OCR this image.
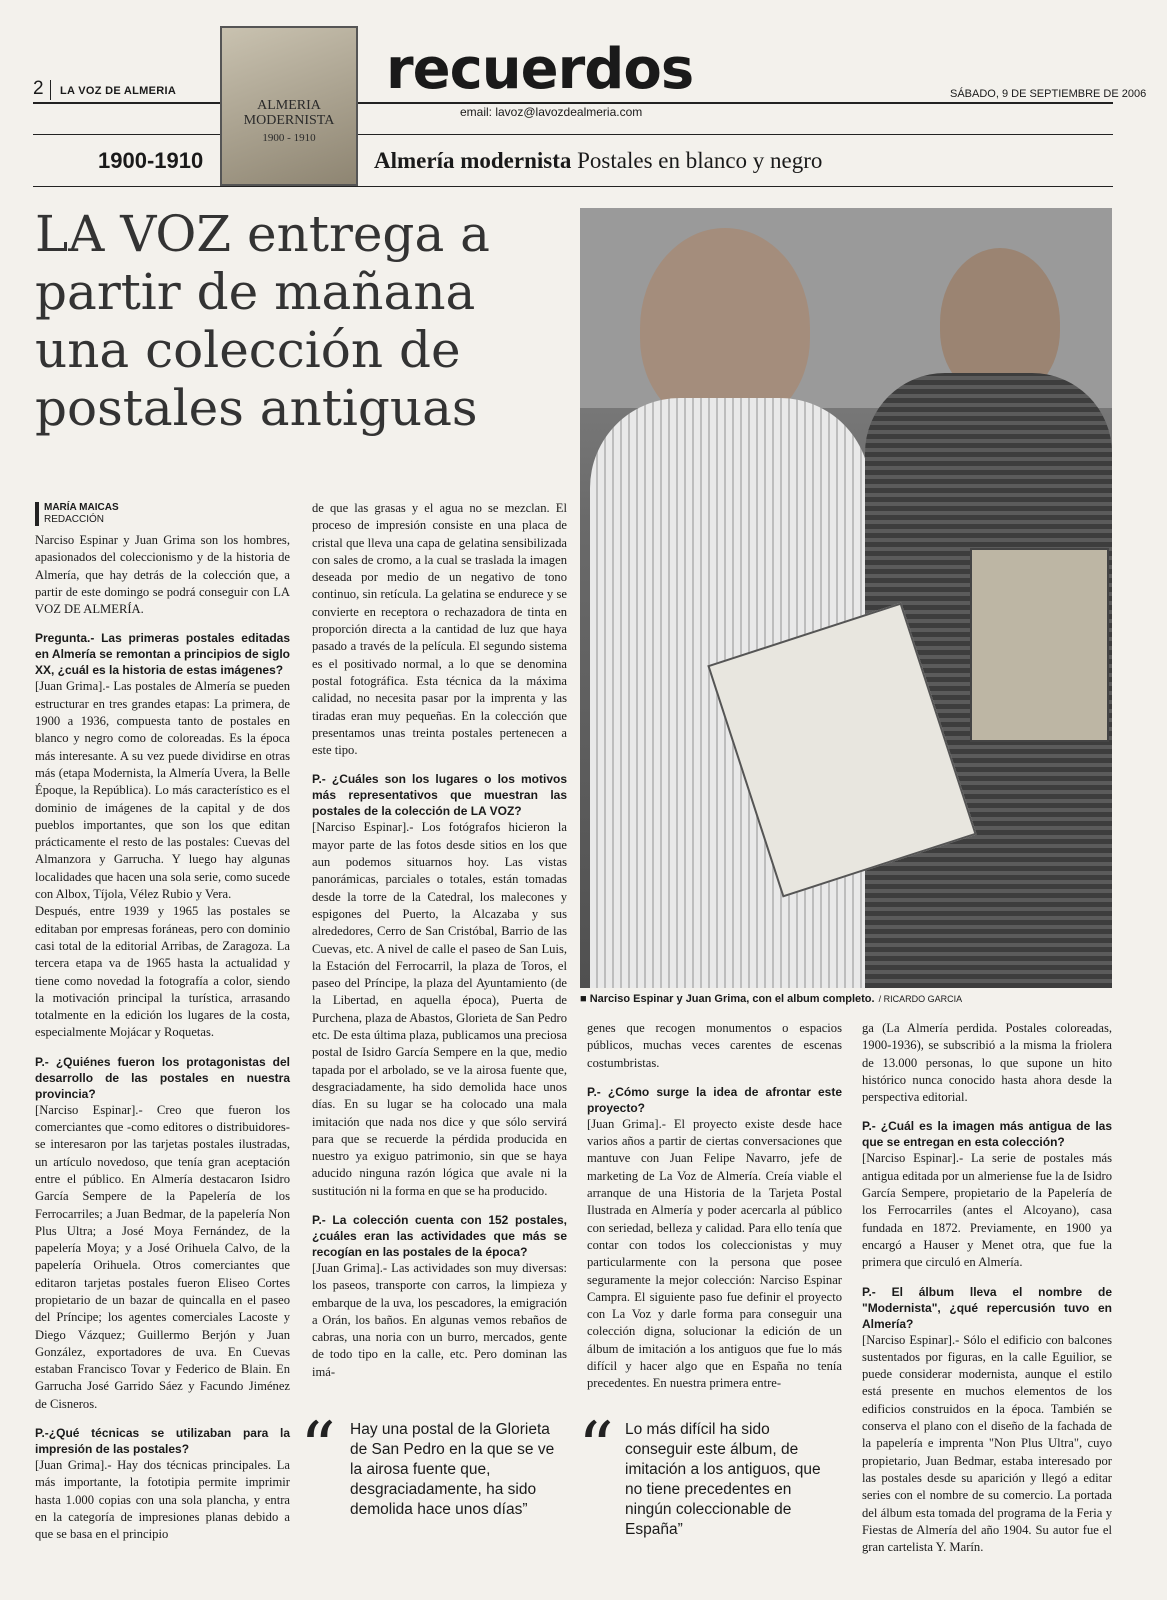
2 LA VOZ DE ALMERIA
ALMERIA MODERNISTA
1900 - 1910
recuerdos
email: lavoz@lavozdealmeria.com
SÁBADO, 9 DE SEPTIEMBRE DE 2006
1900-1910	Almería modernista Postales en blanco y negro
LA VOZ entrega a
partir de mañana
una colección de
postales antiguas
■ Narciso Espinar y Juan Grima, con el album completo. / RICARDO GARCIA
MARÍA MAICAS
REDACCIÓN

Narciso Espinar y Juan Grima son los hombres, apasionados del coleccionismo y de la historia de Almería, que hay detrás de la colección que, a partir de este domingo se podrá conseguir con LA VOZ DE ALMERÍA.

Pregunta.- Las primeras postales editadas en Almería se remontan a principios de siglo XX, ¿cuál es la historia de estas imágenes?

[Juan Grima].- Las postales de Almería se pueden estructurar en tres grandes etapas: La primera, de 1900 a 1936, compuesta tanto de postales en blanco y negro como de coloreadas. Es la época más interesante. A su vez puede dividirse en otras más (etapa Modernista, la Almería Uvera, la Belle Époque, la República). Lo más característico es el dominio de imágenes de la capital y de dos pueblos importantes, que son los que editan prácticamente el resto de las postales: Cuevas del Almanzora y Garrucha. Y luego hay algunas localidades que hacen una sola serie, como sucede con Albox, Tíjola, Vélez Rubio y Vera.

Después, entre 1939 y 1965 las postales se editaban por empresas foráneas, pero con dominio casi total de la editorial Arribas, de Zaragoza. La tercera etapa va de 1965 hasta la actualidad y tiene como novedad la fotografía a color, siendo la motivación principal la turística, arrasando totalmente en la edición los lugares de la costa, especialmente Mojácar y Roquetas.

P.- ¿Quiénes fueron los protagonistas del desarrollo de las postales en nuestra provincia?

[Narciso Espinar].- Creo que fueron los comerciantes que -como editores o distribuidores- se interesaron por las tarjetas postales ilustradas, un artículo novedoso, que tenía gran aceptación entre el público. En Almería destacaron Isidro García Sempere de la Papelería de los Ferrocarriles; a Juan Bedmar, de la papelería Non Plus Ultra; a José Moya Fernández, de la papelería Moya; y a José Orihuela Calvo, de la papelería Orihuela. Otros comerciantes que editaron tarjetas postales fueron Eliseo Cortes propietario de un bazar de quincalla en el paseo del Príncipe; los agentes comerciales Lacoste y Diego Vázquez; Guillermo Berjón y Juan González, exportadores de uva. En Cuevas estaban Francisco Tovar y Federico de Blain. En Garrucha José Garrido Sáez y Facundo Jiménez de Cisneros.

P.-¿Qué técnicas se utilizaban para la impresión de las postales?

[Juan Grima].- Hay dos técnicas principales. La más importante, la fototipia permite imprimir hasta 1.000 copias con una sola plancha, y entra en la categoría de impresiones planas debido a que se basa en el principio

de que las grasas y el agua no se mezclan. El proceso de impresión consiste en una placa de cristal que lleva una capa de gelatina sensibilizada con sales de cromo, a la cual se traslada la imagen deseada por medio de un negativo de tono continuo, sin retícula. La gelatina se endurece y se convierte en receptora o rechazadora de tinta en proporción directa a la cantidad de luz que haya pasado a través de la película. El segundo sistema es el positivado normal, a lo que se denomina postal fotográfica. Esta técnica da la máxima calidad, no necesita pasar por la imprenta y las tiradas eran muy pequeñas. En la colección que presentamos unas treinta postales pertenecen a este tipo.

P.- ¿Cuáles son los lugares o los motivos más representativos que muestran las postales de la colección de LA VOZ?

[Narciso Espinar].- Los fotógrafos hicieron la mayor parte de las fotos desde sitios en los que aun podemos situarnos hoy. Las vistas panorámicas, parciales o totales, están tomadas desde la torre de la Catedral, los malecones y espigones del Puerto, la Alcazaba y sus alrededores, Cerro de San Cristóbal, Barrio de las Cuevas, etc. A nivel de calle el paseo de San Luis, la Estación del Ferrocarril, la plaza de Toros, el paseo del Príncipe, la plaza del Ayuntamiento (de la Libertad, en aquella época), Puerta de Purchena, plaza de Abastos, Glorieta de San Pedro etc. De esta última plaza, publicamos una preciosa postal de Isidro García Sempere en la que, medio tapada por el arbolado, se ve la airosa fuente que, desgraciadamente, ha sido demolida hace unos días. En su lugar se ha colocado una mala imitación que nada nos dice y que sólo servirá para que se recuerde la pérdida producida en nuestro ya exiguo patrimonio, sin que se haya aducido ninguna razón lógica que avale ni la sustitución ni la forma en que se ha producido.

P.- La colección cuenta con 152 postales, ¿cuáles eran las actividades que más se recogían en las postales de la época?

[Juan Grima].- Las actividades son muy diversas: los paseos, transporte con carros, la limpieza y embarque de la uva, los pescadores, la emigración a Orán, los baños. En algunas vemos rebaños de cabras, una noria con un burro, mercados, gente de todo tipo en la calle, etc. Pero dominan las imá-

genes que recogen monumentos o espacios públicos, muchas veces carentes de escenas costumbristas.

P.- ¿Cómo surge la idea de afrontar este proyecto?

[Juan Grima].- El proyecto existe desde hace varios años a partir de ciertas conversaciones que mantuve con Juan Felipe Navarro, jefe de marketing de La Voz de Almería. Creía viable el arranque de una Historia de la Tarjeta Postal Ilustrada en Almería y poder acercarla al público con seriedad, belleza y calidad. Para ello tenía que contar con todos los coleccionistas y muy particularmente con la persona que posee seguramente la mejor colección: Narciso Espinar Campra. El siguiente paso fue definir el proyecto con La Voz y darle forma para conseguir una colección digna, solucionar la edición de un álbum de imitación a los antiguos que fue lo más difícil y hacer algo que en España no tenía precedentes. En nuestra primera entre-

ga (La Almería perdida. Postales coloreadas, 1900-1936), se subscribió a la misma la friolera de 13.000 personas, lo que supone un hito histórico nunca conocido hasta ahora desde la perspectiva editorial.

P.- ¿Cuál es la imagen más antigua de las que se entregan en esta colección?

[Narciso Espinar].- La serie de postales más antigua editada por un almeriense fue la de Isidro García Sempere, propietario de la Papelería de los Ferrocarriles (antes el Alcoyano), casa fundada en 1872. Previamente, en 1900 ya encargó a Hauser y Menet otra, que fue la primera que circuló en Almería.

P.- El álbum lleva el nombre de "Modernista", ¿qué repercusión tuvo en Almería?

[Narciso Espinar].- Sólo el edificio con balcones sustentados por figuras, en la calle Eguilior, se puede considerar modernista, aunque el estilo está presente en muchos elementos de los edificios construidos en la época. También se conserva el plano con el diseño de la fachada de la papelería e imprenta "Non Plus Ultra", cuyo propietario, Juan Bedmar, estaba interesado por las postales desde su aparición y llegó a editar series con el nombre de su comercio. La portada del álbum esta tomada del programa de la Feria y Fiestas de Almería del año 1904. Su autor fue el gran cartelista Y. Marín.

“ Hay una postal de la Glorieta de San Pedro en la que se ve la airosa fuente que, desgraciadamente, ha sido demolida hace unos días”
“ Lo más difícil ha sido conseguir este álbum, de imitación a los antiguos, que no tiene precedentes en ningún coleccionable de España”
